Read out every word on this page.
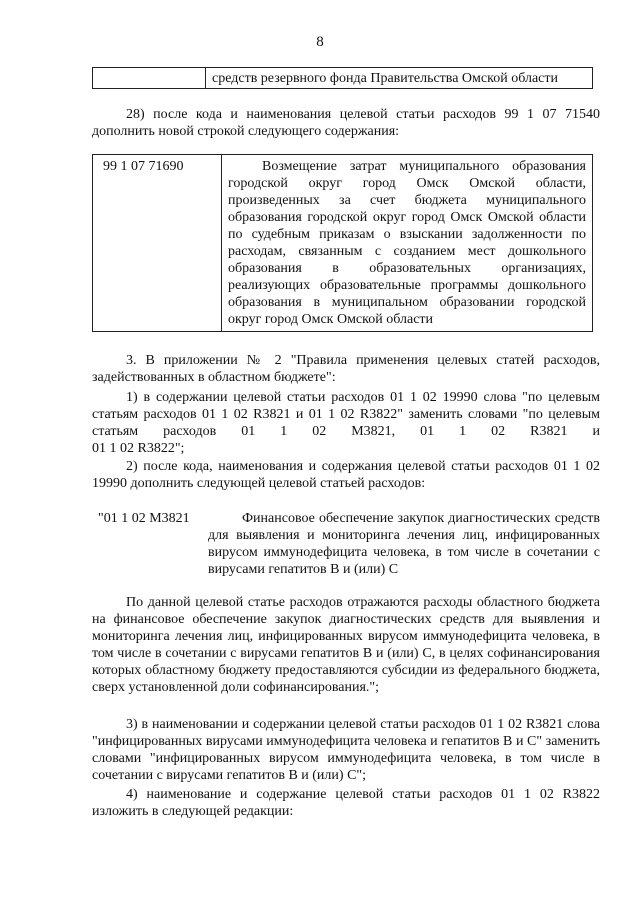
8
	средств резервного фонда Правительства Омской области
28) после кода и наименования целевой статьи расходов 99 1 07 71540 дополнить новой строкой следующего содержания:
99 1 07 71690	Возмещение затрат муниципального образования городской округ город Омск Омской области, произведенных за счет бюджета муниципального образования городской округ город Омск Омской области по судебным приказам о взыскании задолженности по расходам, связанным с созданием мест дошкольного образования в образовательных организациях, реализующих образовательные программы дошкольного образования в муниципальном образовании городской округ город Омск Омской области
3. В приложении № 2 "Правила применения целевых статей расходов, задействованных в областном бюджете":
1) в содержании целевой статьи расходов 01 1 02 19990 слова "по целевым статьям расходов 01 1 02 R3821 и 01 1 02 R3822" заменить словами "по целевым статьям расходов 01 1 02 M3821, 01 1 02 R3821 и
01 1 02 R3822";
2) после кода, наименования и содержания целевой статьи расходов 01 1 02 19990 дополнить следующей целевой статьей расходов:
"01 1 02 M3821	Финансовое обеспечение закупок диагностических средств для выявления и мониторинга лечения лиц, инфицированных вирусом иммунодефицита человека, в том числе в сочетании с вирусами гепатитов B и (или) C
По данной целевой статье расходов отражаются расходы областного бюджета на финансовое обеспечение закупок диагностических средств для выявления и мониторинга лечения лиц, инфицированных вирусом иммунодефицита человека, в том числе в сочетании с вирусами гепатитов B и (или) C, в целях софинансирования которых областному бюджету предоставляются субсидии из федерального бюджета, сверх установленной доли софинансирования.";
3) в наименовании и содержании целевой статьи расходов 01 1 02 R3821 слова "инфицированных вирусами иммунодефицита человека и гепатитов B и C" заменить словами "инфицированных вирусом иммунодефицита человека, в том числе в сочетании с вирусами гепатитов B и (или) C";
4) наименование и содержание целевой статьи расходов 01 1 02 R3822 изложить в следующей редакции:
